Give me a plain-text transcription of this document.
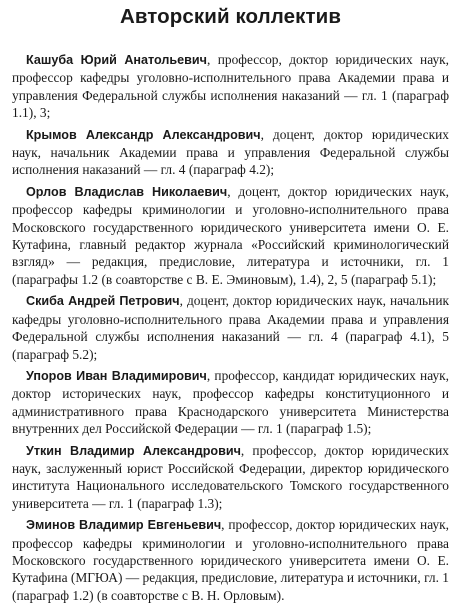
Авторский коллектив

Кашуба Юрий Анатольевич, профессор, доктор юридических наук, профессор кафедры уголовно-исполнительного права Академии права и управления Федеральной службы исполнения наказаний — гл. 1 (параграф 1.1), 3;

Крымов Александр Александрович, доцент, доктор юридических наук, начальник Академии права и управления Федеральной службы исполнения наказаний — гл. 4 (параграф 4.2);

Орлов Владислав Николаевич, доцент, доктор юридических наук, профессор кафедры криминологии и уголовно-исполнительного права Московского государственного юридического университета имени О. Е. Кутафина, главный редактор журнала «Российский криминологический взгляд» — редакция, предисловие, литература и источники, гл. 1 (параграфы 1.2 (в соавторстве с В. Е. Эминовым), 1.4), 2, 5 (параграф 5.1);

Скиба Андрей Петрович, доцент, доктор юридических наук, начальник кафедры уголовно-исполнительного права Академии права и управления Федеральной службы исполнения наказаний — гл. 4 (параграф 4.1), 5 (параграф 5.2);

Упоров Иван Владимирович, профессор, кандидат юридических наук, доктор исторических наук, профессор кафедры конституционного и административного права Краснодарского университета Министерства внутренних дел Российской Федерации — гл. 1 (параграф 1.5);

Уткин Владимир Александрович, профессор, доктор юридических наук, заслуженный юрист Российской Федерации, директор юридического института Национального исследовательского Томского государственного университета — гл. 1 (параграф 1.3);

Эминов Владимир Евгеньевич, профессор, доктор юридических наук, профессор кафедры криминологии и уголовно-исполнительного права Московского государственного юридического университета имени О. Е. Кутафина (МГЮА) — редакция, предисловие, литература и источники, гл. 1 (параграф 1.2) (в соавторстве с В. Н. Орловым).
